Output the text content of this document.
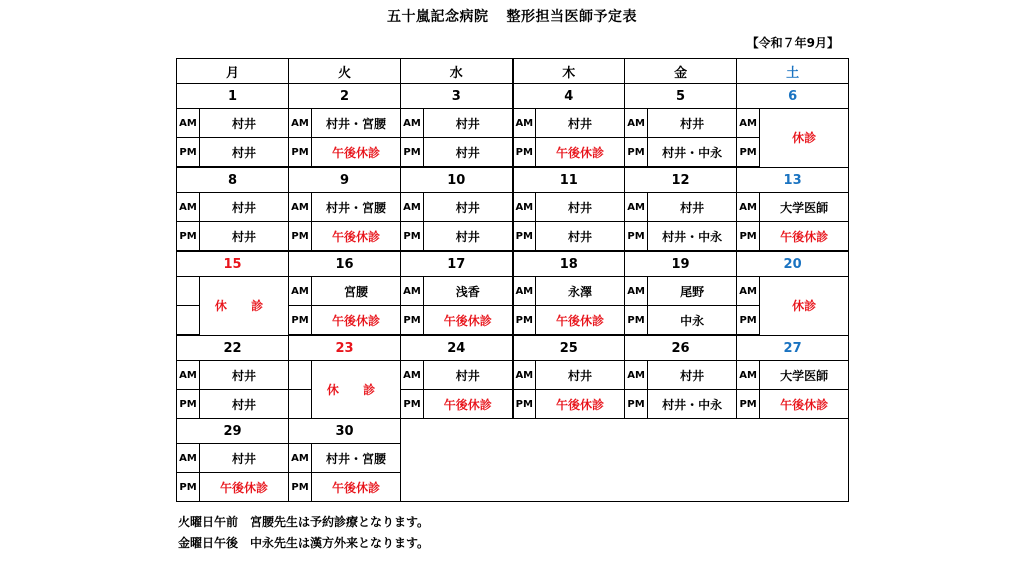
五十嵐記念病院 整形担当医師予定表
【令和７年9月】
月		火		水		木		金		土	
1		2		3		4		5		6	
AM	村井	AM	村井・宮腰	AM	村井	AM	村井	AM	村井	AM	休診
PM	村井	PM	午後休診	PM	村井	PM	午後休診	PM	村井・中永	PM	
8		9		10		11		12		13	
AM	村井	AM	村井・宮腰	AM	村井	AM	村井	AM	村井	AM	大学医師
PM	村井	PM	午後休診	PM	村井	PM	村井	PM	村井・中永	PM	午後休診
15		16		17		18		19		20	
	休 診	AM	宮腰	AM	浅香	AM	永澤	AM	尾野	AM	休診
		PM	午後休診	PM	午後休診	PM	午後休診	PM	中永	PM	
22		23		24		25		26		27	
AM	村井		休 診	AM	村井	AM	村井	AM	村井	AM	大学医師
PM	村井			PM	午後休診	PM	午後休診	PM	村井・中永	PM	午後休診
29		30									
AM	村井	AM	村井・宮腰								
PM	午後休診	PM	午後休診								
火曜日午前　宮腰先生は予約診療となります。
金曜日午後　中永先生は漢方外来となります。
